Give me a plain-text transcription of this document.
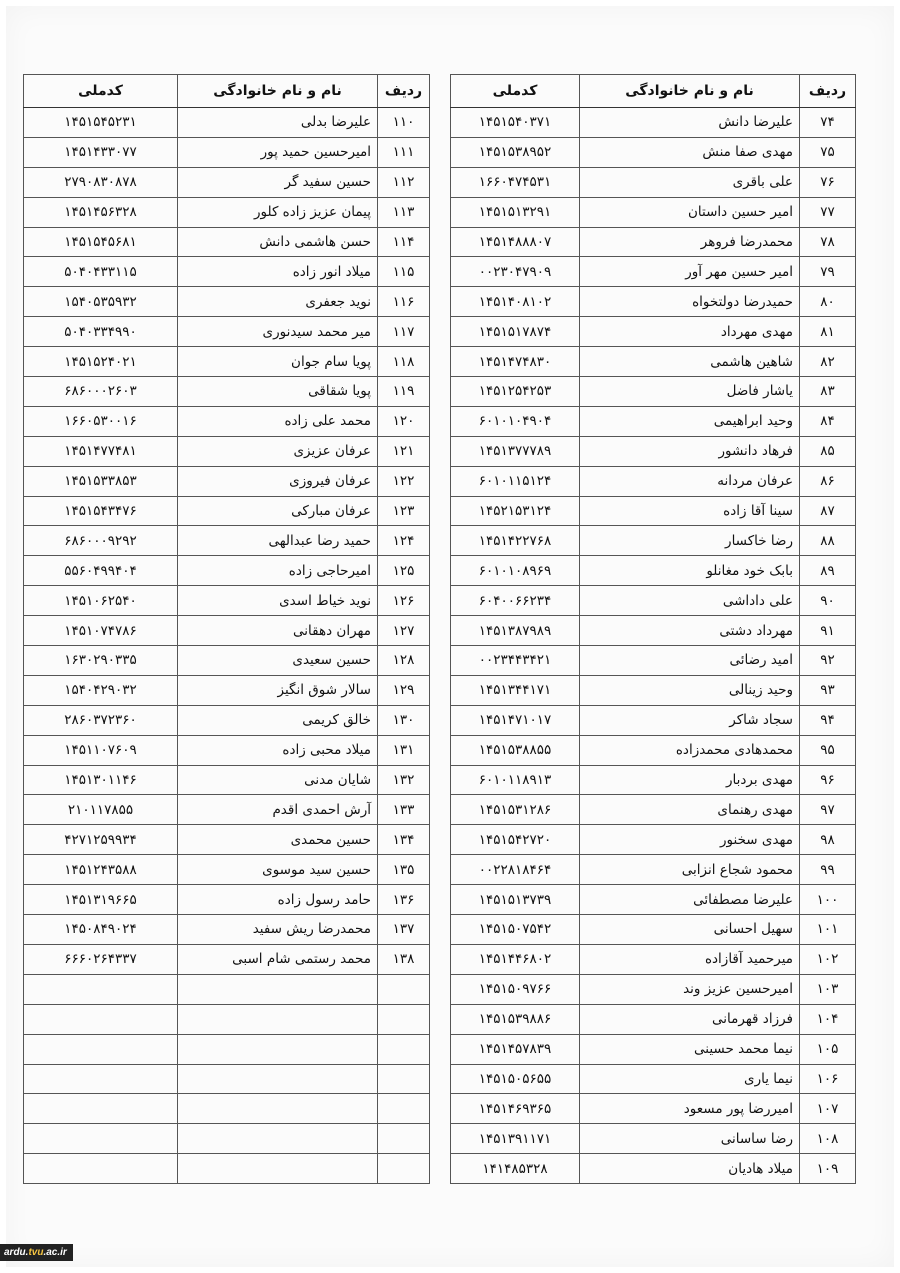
ردیف	نام و نام خانوادگی	کدملی
۷۴	علیرضا دانش	۱۴۵۱۵۴۰۳۷۱
۷۵	مهدی صفا منش	۱۴۵۱۵۳۸۹۵۲
۷۶	علی باقری	۱۶۶۰۴۷۴۵۳۱
۷۷	امیر حسین داستان	۱۴۵۱۵۱۳۲۹۱
۷۸	محمدرضا فروهر	۱۴۵۱۴۸۸۸۰۷
۷۹	امیر حسین مهر آور	۰۰۲۳۰۴۷۹۰۹
۸۰	حمیدرضا دولتخواه	۱۴۵۱۴۰۸۱۰۲
۸۱	مهدی مهرداد	۱۴۵۱۵۱۷۸۷۴
۸۲	شاهین هاشمی	۱۴۵۱۴۷۴۸۳۰
۸۳	یاشار فاضل	۱۴۵۱۲۵۴۲۵۳
۸۴	وحید ابراهیمی	۶۰۱۰۱۰۴۹۰۴
۸۵	فرهاد دانشور	۱۴۵۱۳۷۷۷۸۹
۸۶	عرفان مردانه	۶۰۱۰۱۱۵۱۲۴
۸۷	سینا آقا زاده	۱۴۵۲۱۵۳۱۲۴
۸۸	رضا خاکسار	۱۴۵۱۴۲۲۷۶۸
۸۹	بابک خود مغانلو	۶۰۱۰۱۰۸۹۶۹
۹۰	علی داداشی	۶۰۴۰۰۶۶۲۳۴
۹۱	مهرداد دشتی	۱۴۵۱۳۸۷۹۸۹
۹۲	امید رضائی	۰۰۲۳۴۴۳۴۲۱
۹۳	وحید زینالی	۱۴۵۱۳۴۴۱۷۱
۹۴	سجاد شاکر	۱۴۵۱۴۷۱۰۱۷
۹۵	محمدهادی محمدزاده	۱۴۵۱۵۳۸۸۵۵
۹۶	مهدی بردبار	۶۰۱۰۱۱۸۹۱۳
۹۷	مهدی رهنمای	۱۴۵۱۵۳۱۲۸۶
۹۸	مهدی سخنور	۱۴۵۱۵۴۲۷۲۰
۹۹	محمود شجاع انزابی	۰۰۲۲۸۱۸۴۶۴
۱۰۰	علیرضا مصطفائی	۱۴۵۱۵۱۳۷۳۹
۱۰۱	سهیل احسانی	۱۴۵۱۵۰۷۵۴۲
۱۰۲	میرحمید آقازاده	۱۴۵۱۴۴۶۸۰۲
۱۰۳	امیرحسین عزیز وند	۱۴۵۱۵۰۹۷۶۶
۱۰۴	فرزاد قهرمانی	۱۴۵۱۵۳۹۸۸۶
۱۰۵	نیما محمد حسینی	۱۴۵۱۴۵۷۸۳۹
۱۰۶	نیما یاری	۱۴۵۱۵۰۵۶۵۵
۱۰۷	امیررضا پور مسعود	۱۴۵۱۴۶۹۳۶۵
۱۰۸	رضا ساسانی	۱۴۵۱۳۹۱۱۷۱
۱۰۹	میلاد هادیان	۱۴۱۴۸۵۳۲۸
ردیف	نام و نام خانوادگی	کدملی
۱۱۰	علیرضا بدلی	۱۴۵۱۵۴۵۲۳۱
۱۱۱	امیرحسین حمید پور	۱۴۵۱۴۳۳۰۷۷
۱۱۲	حسین سفید گر	۲۷۹۰۸۳۰۸۷۸
۱۱۳	پیمان عزیز زاده کلور	۱۴۵۱۴۵۶۳۲۸
۱۱۴	حسن هاشمی دانش	۱۴۵۱۵۴۵۶۸۱
۱۱۵	میلاد انور زاده	۵۰۴۰۴۳۳۱۱۵
۱۱۶	نوید جعفری	۱۵۴۰۵۳۵۹۳۲
۱۱۷	میر محمد سیدنوری	۵۰۴۰۳۳۴۹۹۰
۱۱۸	پویا سام جوان	۱۴۵۱۵۲۴۰۲۱
۱۱۹	پویا شقاقی	۶۸۶۰۰۰۲۶۰۳
۱۲۰	محمد علی زاده	۱۶۶۰۵۳۰۰۱۶
۱۲۱	عرفان عزیزی	۱۴۵۱۴۷۷۴۸۱
۱۲۲	عرفان فیروزی	۱۴۵۱۵۳۳۸۵۳
۱۲۳	عرفان مبارکی	۱۴۵۱۵۴۳۴۷۶
۱۲۴	حمید رضا عبدالهی	۶۸۶۰۰۰۹۲۹۲
۱۲۵	امیرحاجی زاده	۵۵۶۰۴۹۹۴۰۴
۱۲۶	نوید خیاط اسدی	۱۴۵۱۰۶۲۵۴۰
۱۲۷	مهران دهقانی	۱۴۵۱۰۷۴۷۸۶
۱۲۸	حسین سعیدی	۱۶۳۰۲۹۰۳۳۵
۱۲۹	سالار شوق انگیز	۱۵۴۰۴۲۹۰۳۲
۱۳۰	خالق کریمی	۲۸۶۰۳۷۲۳۶۰
۱۳۱	میلاد محبی زاده	۱۴۵۱۱۰۷۶۰۹
۱۳۲	شایان مدنی	۱۴۵۱۳۰۱۱۴۶
۱۳۳	آرش احمدی اقدم	۲۱۰۱۱۷۸۵۵
۱۳۴	حسین محمدی	۴۲۷۱۲۵۹۹۳۴
۱۳۵	حسین سید موسوی	۱۴۵۱۲۴۳۵۸۸
۱۳۶	حامد رسول زاده	۱۴۵۱۳۱۹۶۶۵
۱۳۷	محمدرضا ریش سفید	۱۴۵۰۸۴۹۰۲۴
۱۳۸	محمد رستمی شام اسبی	۶۶۶۰۲۶۴۳۳۷

ardu.tvu.ac.ir
